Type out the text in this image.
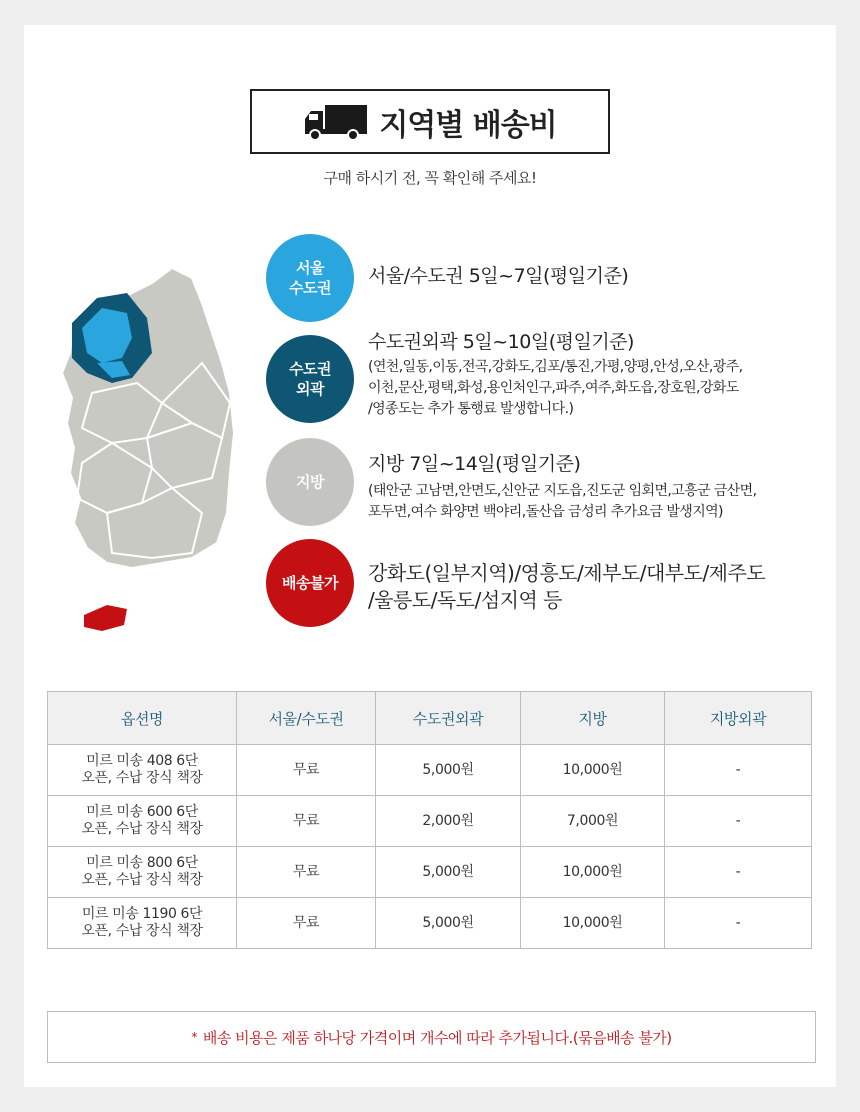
지역별 배송비
구매 하시기 전, 꼭 확인해 주세요!
서울
수도권
서울/수도권 5일~7일(평일기준)
수도권
외곽
수도권외곽 5일~10일(평일기준)
(연천,일동,이동,전곡,강화도,김포/통진,가평,양평,안성,오산,광주,
이천,문산,평택,화성,용인처인구,파주,여주,화도읍,장호원,강화도
/영종도는 추가 통행료 발생합니다.)
지방
지방 7일~14일(평일기준)
(태안군 고남면,안면도,신안군 지도읍,진도군 임회면,고흥군 금산면,
포두면,여수 화양면 백야리,돌산읍 금성리 추가요금 발생지역)
배송불가 강화도(일부지역)/영흥도/제부도/대부도/제주도
/울릉도/독도/섬지역 등
옵션명	서울/수도권	수도권외곽	지방	지방외곽
미르 미송 408 6단
오픈, 수납 장식 책장	무료	5,000원	10,000원	-
미르 미송 600 6단
오픈, 수납 장식 책장	무료	2,000원	7,000원	-
미르 미송 800 6단
오픈, 수납 장식 책장	무료	5,000원	10,000원	-
미르 미송 1190 6단
오픈, 수납 장식 책장	무료	5,000원	10,000원	-
* 배송 비용은 제품 하나당 가격이며 개수에 따라 추가됩니다.(묶음배송 불가)
